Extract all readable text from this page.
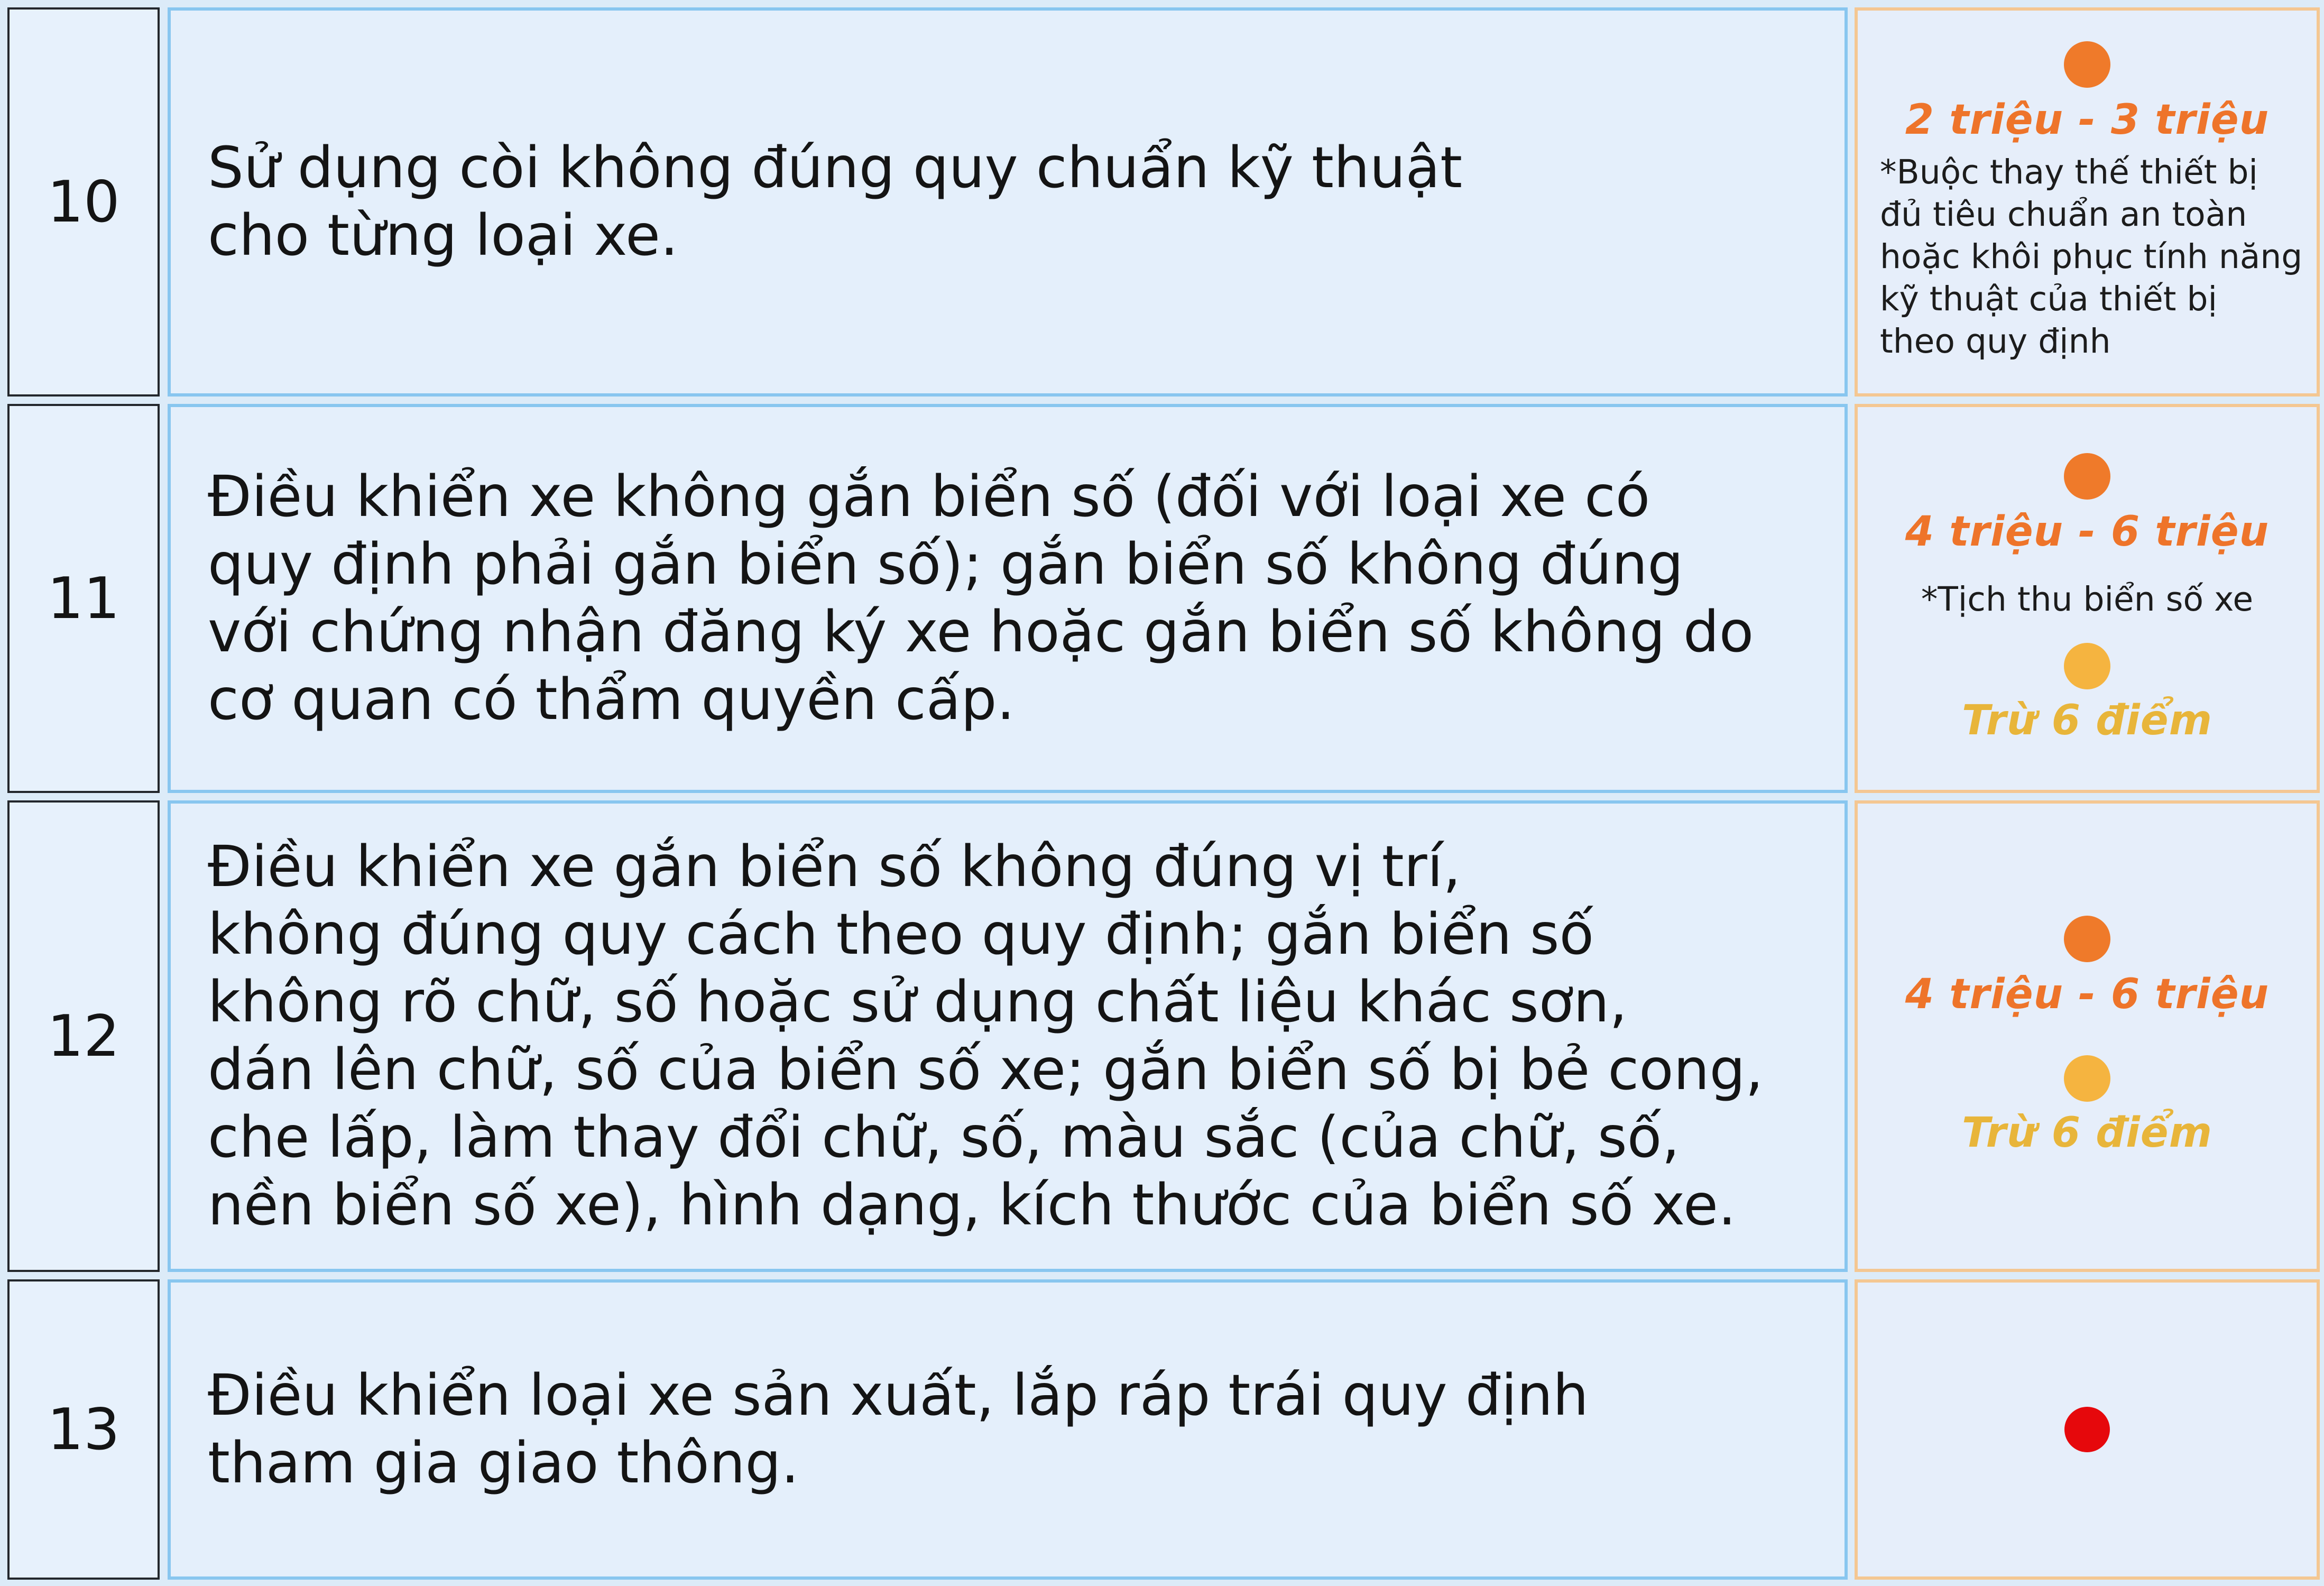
10
Sử dụng còi không đúng quy chuẩn kỹ thuật
cho từng loại xe.
2 triệu - 3 triệu
*Buộc thay thế thiết bị
đủ tiêu chuẩn an toàn
hoặc khôi phục tính năng
kỹ thuật của thiết bị
theo quy định
11
Điều khiển xe không gắn biển số (đối với loại xe có
quy định phải gắn biển số); gắn biển số không đúng
với chứng nhận đăng ký xe hoặc gắn biển số không do
cơ quan có thẩm quyền cấp.
4 triệu - 6 triệu
*Tịch thu biển số xe
Trừ 6 điểm
12
Điều khiển xe gắn biển số không đúng vị trí,
không đúng quy cách theo quy định; gắn biển số
không rõ chữ, số hoặc sử dụng chất liệu khác sơn,
dán lên chữ, số của biển số xe; gắn biển số bị bẻ cong,
che lấp, làm thay đổi chữ, số, màu sắc (của chữ, số,
nền biển số xe), hình dạng, kích thước của biển số xe.
4 triệu - 6 triệu
Trừ 6 điểm
13
Điều khiển loại xe sản xuất, lắp ráp trái quy định
tham gia giao thông.
